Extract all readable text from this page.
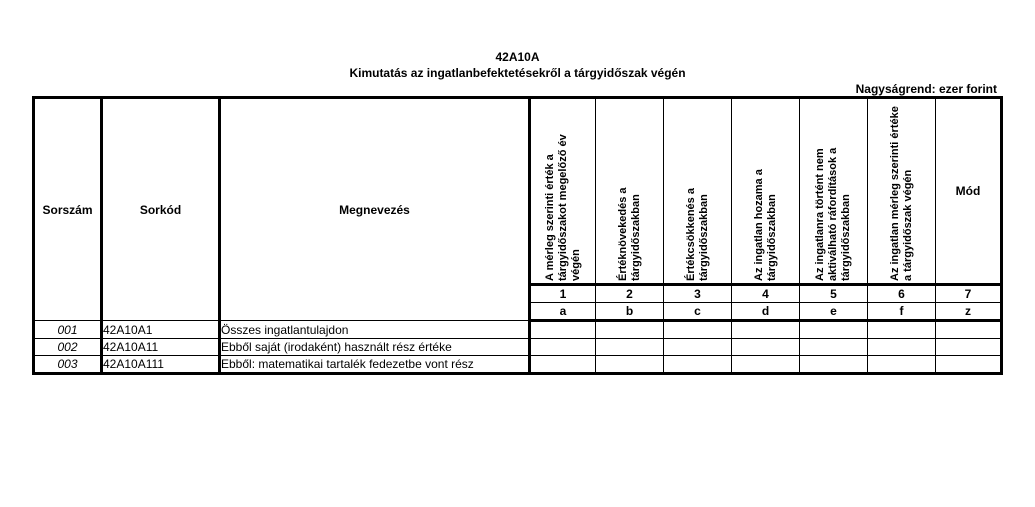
42A10A
Kimutatás az ingatlanbefektetésekről a tárgyidőszak végén
Nagyságrend: ezer forint
Sorszám	Sorkód	Megnevezés	A mérleg szerinti érték a tárgyidőszakot megelőző év végén	Értéknövekedés a tárgyidőszakban	Értékcsökkenés a tárgyidőszakban	Az ingatlan hozama a tárgyidőszakban	Az ingatlanra történt nem aktiválható ráfordítások a tárgyidőszakban	Az ingatlan mérleg szerinti értéke a tárgyidőszak végén	Mód
			1	2	3	4	5	6	7
			a	b	c	d	e	f	z
001	42A10A1	Összes ingatlantulajdon							
002	42A10A11	Ebből saját (irodaként) használt rész értéke							
003	42A10A111	Ebből: matematikai tartalék fedezetbe vont rész							
